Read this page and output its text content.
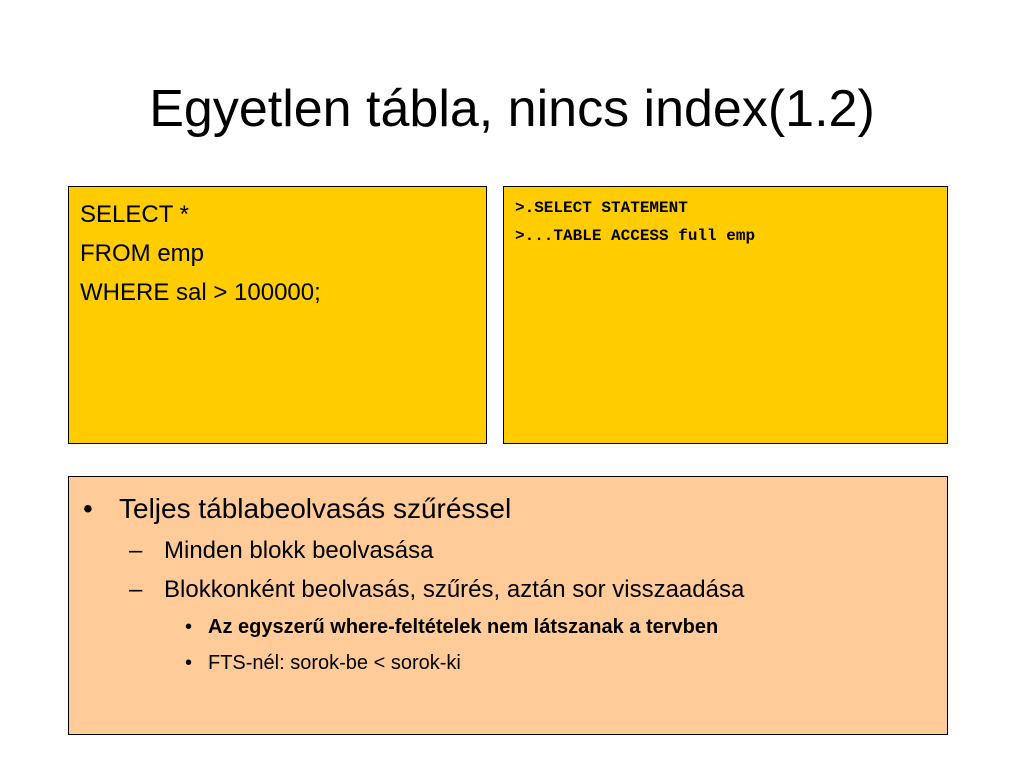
Egyetlen tábla, nincs index(1.2)
SELECT *
FROM emp
WHERE sal > 100000;
>.SELECT STATEMENT
>...TABLE ACCESS full emp
• Teljes táblabeolvasás szűréssel
– Minden blokk beolvasása
– Blokkonként beolvasás, szűrés, aztán sor visszaadása
• Az egyszerű where-feltételek nem látszanak a tervben
• FTS-nél: sorok-be < sorok-ki
